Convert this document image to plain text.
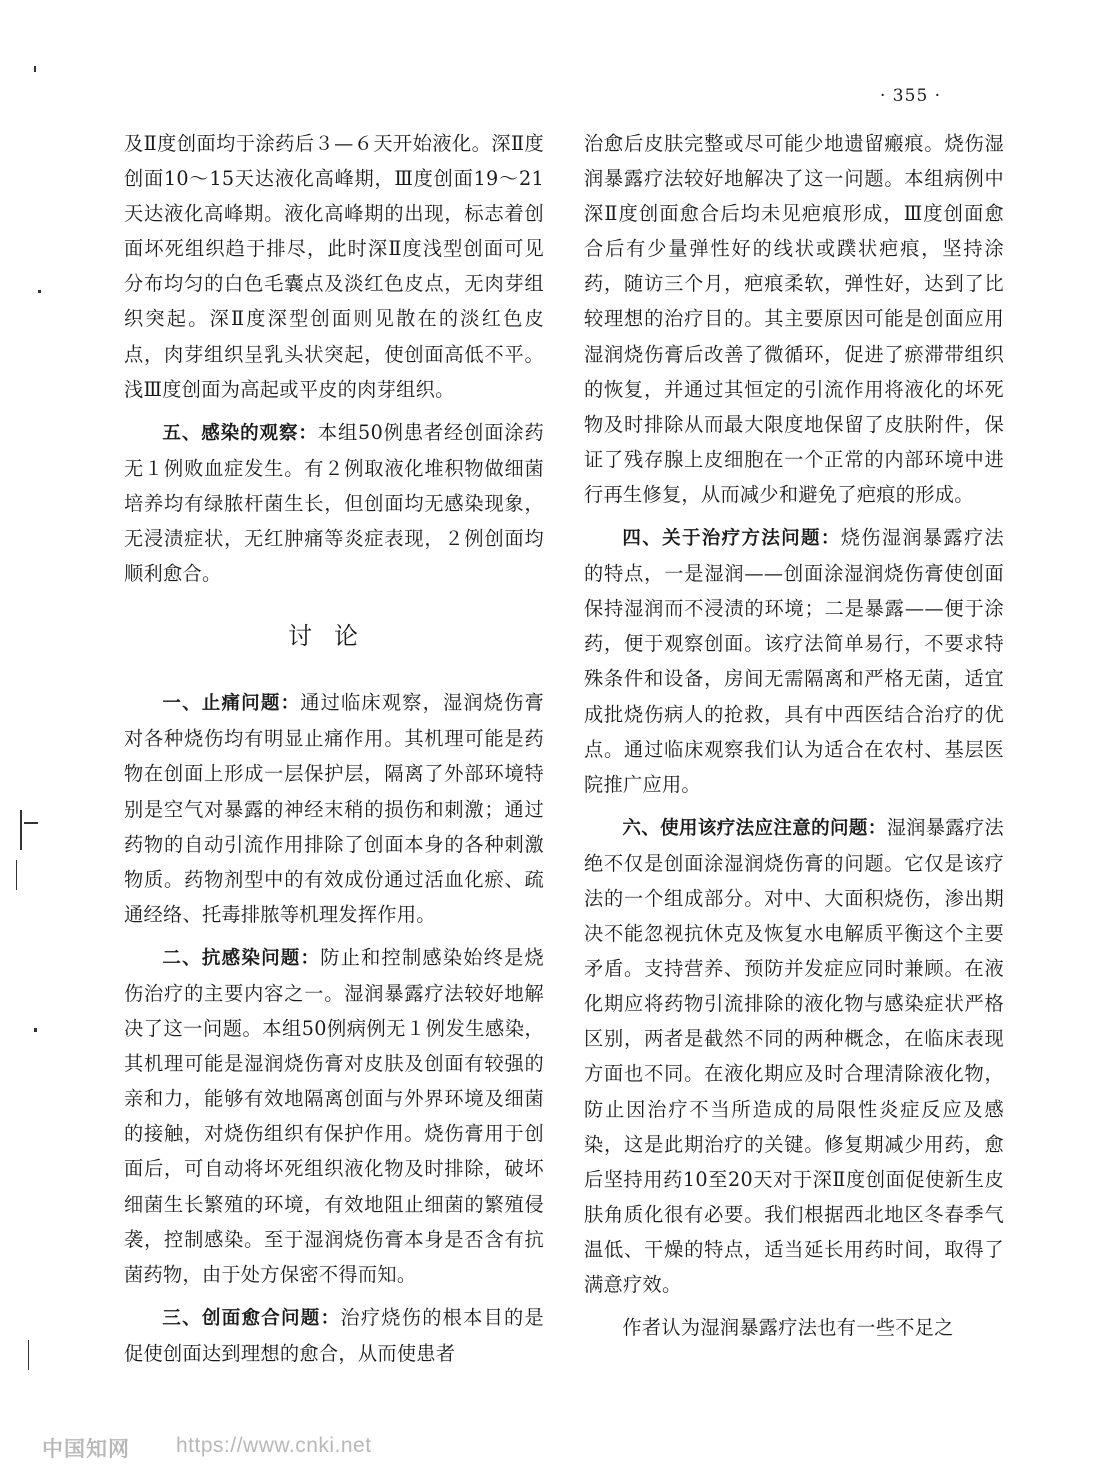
· 355 ·

及Ⅱ度创面均于涂药后３—６天开始液化。深Ⅱ度创面10～15天达液化高峰期，Ⅲ度创面19～21天达液化高峰期。液化高峰期的出现，标志着创面坏死组织趋于排尽，此时深Ⅱ度浅型创面可见分布均匀的白色毛囊点及淡红色皮点，无肉芽组织突起。深Ⅱ度深型创面则见散在的淡红色皮点，肉芽组织呈乳头状突起，使创面高低不平。浅Ⅲ度创面为高起或平皮的肉芽组织。

五、感染的观察：本组50例患者经创面涂药无１例败血症发生。有２例取液化堆积物做细菌培养均有绿脓杆菌生长，但创面均无感染现象，无浸渍症状，无红肿痛等炎症表现，２例创面均顺利愈合。

讨论

一、止痛问题：通过临床观察，湿润烧伤膏对各种烧伤均有明显止痛作用。其机理可能是药物在创面上形成一层保护层，隔离了外部环境特别是空气对暴露的神经末稍的损伤和刺激；通过药物的自动引流作用排除了创面本身的各种刺激物质。药物剂型中的有效成份通过活血化瘀、疏通经络、托毒排脓等机理发挥作用。

二、抗感染问题：防止和控制感染始终是烧伤治疗的主要内容之一。湿润暴露疗法较好地解决了这一问题。本组50例病例无１例发生感染，其机理可能是湿润烧伤膏对皮肤及创面有较强的亲和力，能够有效地隔离创面与外界环境及细菌的接触，对烧伤组织有保护作用。烧伤膏用于创面后，可自动将坏死组织液化物及时排除，破坏细菌生长繁殖的环境，有效地阻止细菌的繁殖侵袭，控制感染。至于湿润烧伤膏本身是否含有抗菌药物，由于处方保密不得而知。

三、创面愈合问题：治疗烧伤的根本目的是促使创面达到理想的愈合，从而使患者

治愈后皮肤完整或尽可能少地遗留瘢痕。烧伤湿润暴露疗法较好地解决了这一问题。本组病例中深Ⅱ度创面愈合后均未见疤痕形成，Ⅲ度创面愈合后有少量弹性好的线状或蹼状疤痕，坚持涂药，随访三个月，疤痕柔软，弹性好，达到了比较理想的治疗目的。其主要原因可能是创面应用湿润烧伤膏后改善了微循环，促进了瘀滞带组织的恢复，并通过其恒定的引流作用将液化的坏死物及时排除从而最大限度地保留了皮肤附件，保证了残存腺上皮细胞在一个正常的内部环境中进行再生修复，从而减少和避免了疤痕的形成。

四、关于治疗方法问题：烧伤湿润暴露疗法的特点，一是湿润——创面涂湿润烧伤膏使创面保持湿润而不浸渍的环境；二是暴露——便于涂药，便于观察创面。该疗法简单易行，不要求特殊条件和设备，房间无需隔离和严格无菌，适宜成批烧伤病人的抢救，具有中西医结合治疗的优点。通过临床观察我们认为适合在农村、基层医院推广应用。

六、使用该疗法应注意的问题：湿润暴露疗法绝不仅是创面涂湿润烧伤膏的问题。它仅是该疗法的一个组成部分。对中、大面积烧伤，渗出期决不能忽视抗休克及恢复水电解质平衡这个主要矛盾。支持营养、预防并发症应同时兼顾。在液化期应将药物引流排除的液化物与感染症状严格区别，两者是截然不同的两种概念，在临床表现方面也不同。在液化期应及时合理清除液化物，防止因治疗不当所造成的局限性炎症反应及感染，这是此期治疗的关键。修复期减少用药，愈后坚持用药10至20天对于深Ⅱ度创面促使新生皮肤角质化很有必要。我们根据西北地区冬春季气温低、干燥的特点，适当延长用药时间，取得了满意疗效。

作者认为湿润暴露疗法也有一些不足之

中国知网 https://www.cnki.net
